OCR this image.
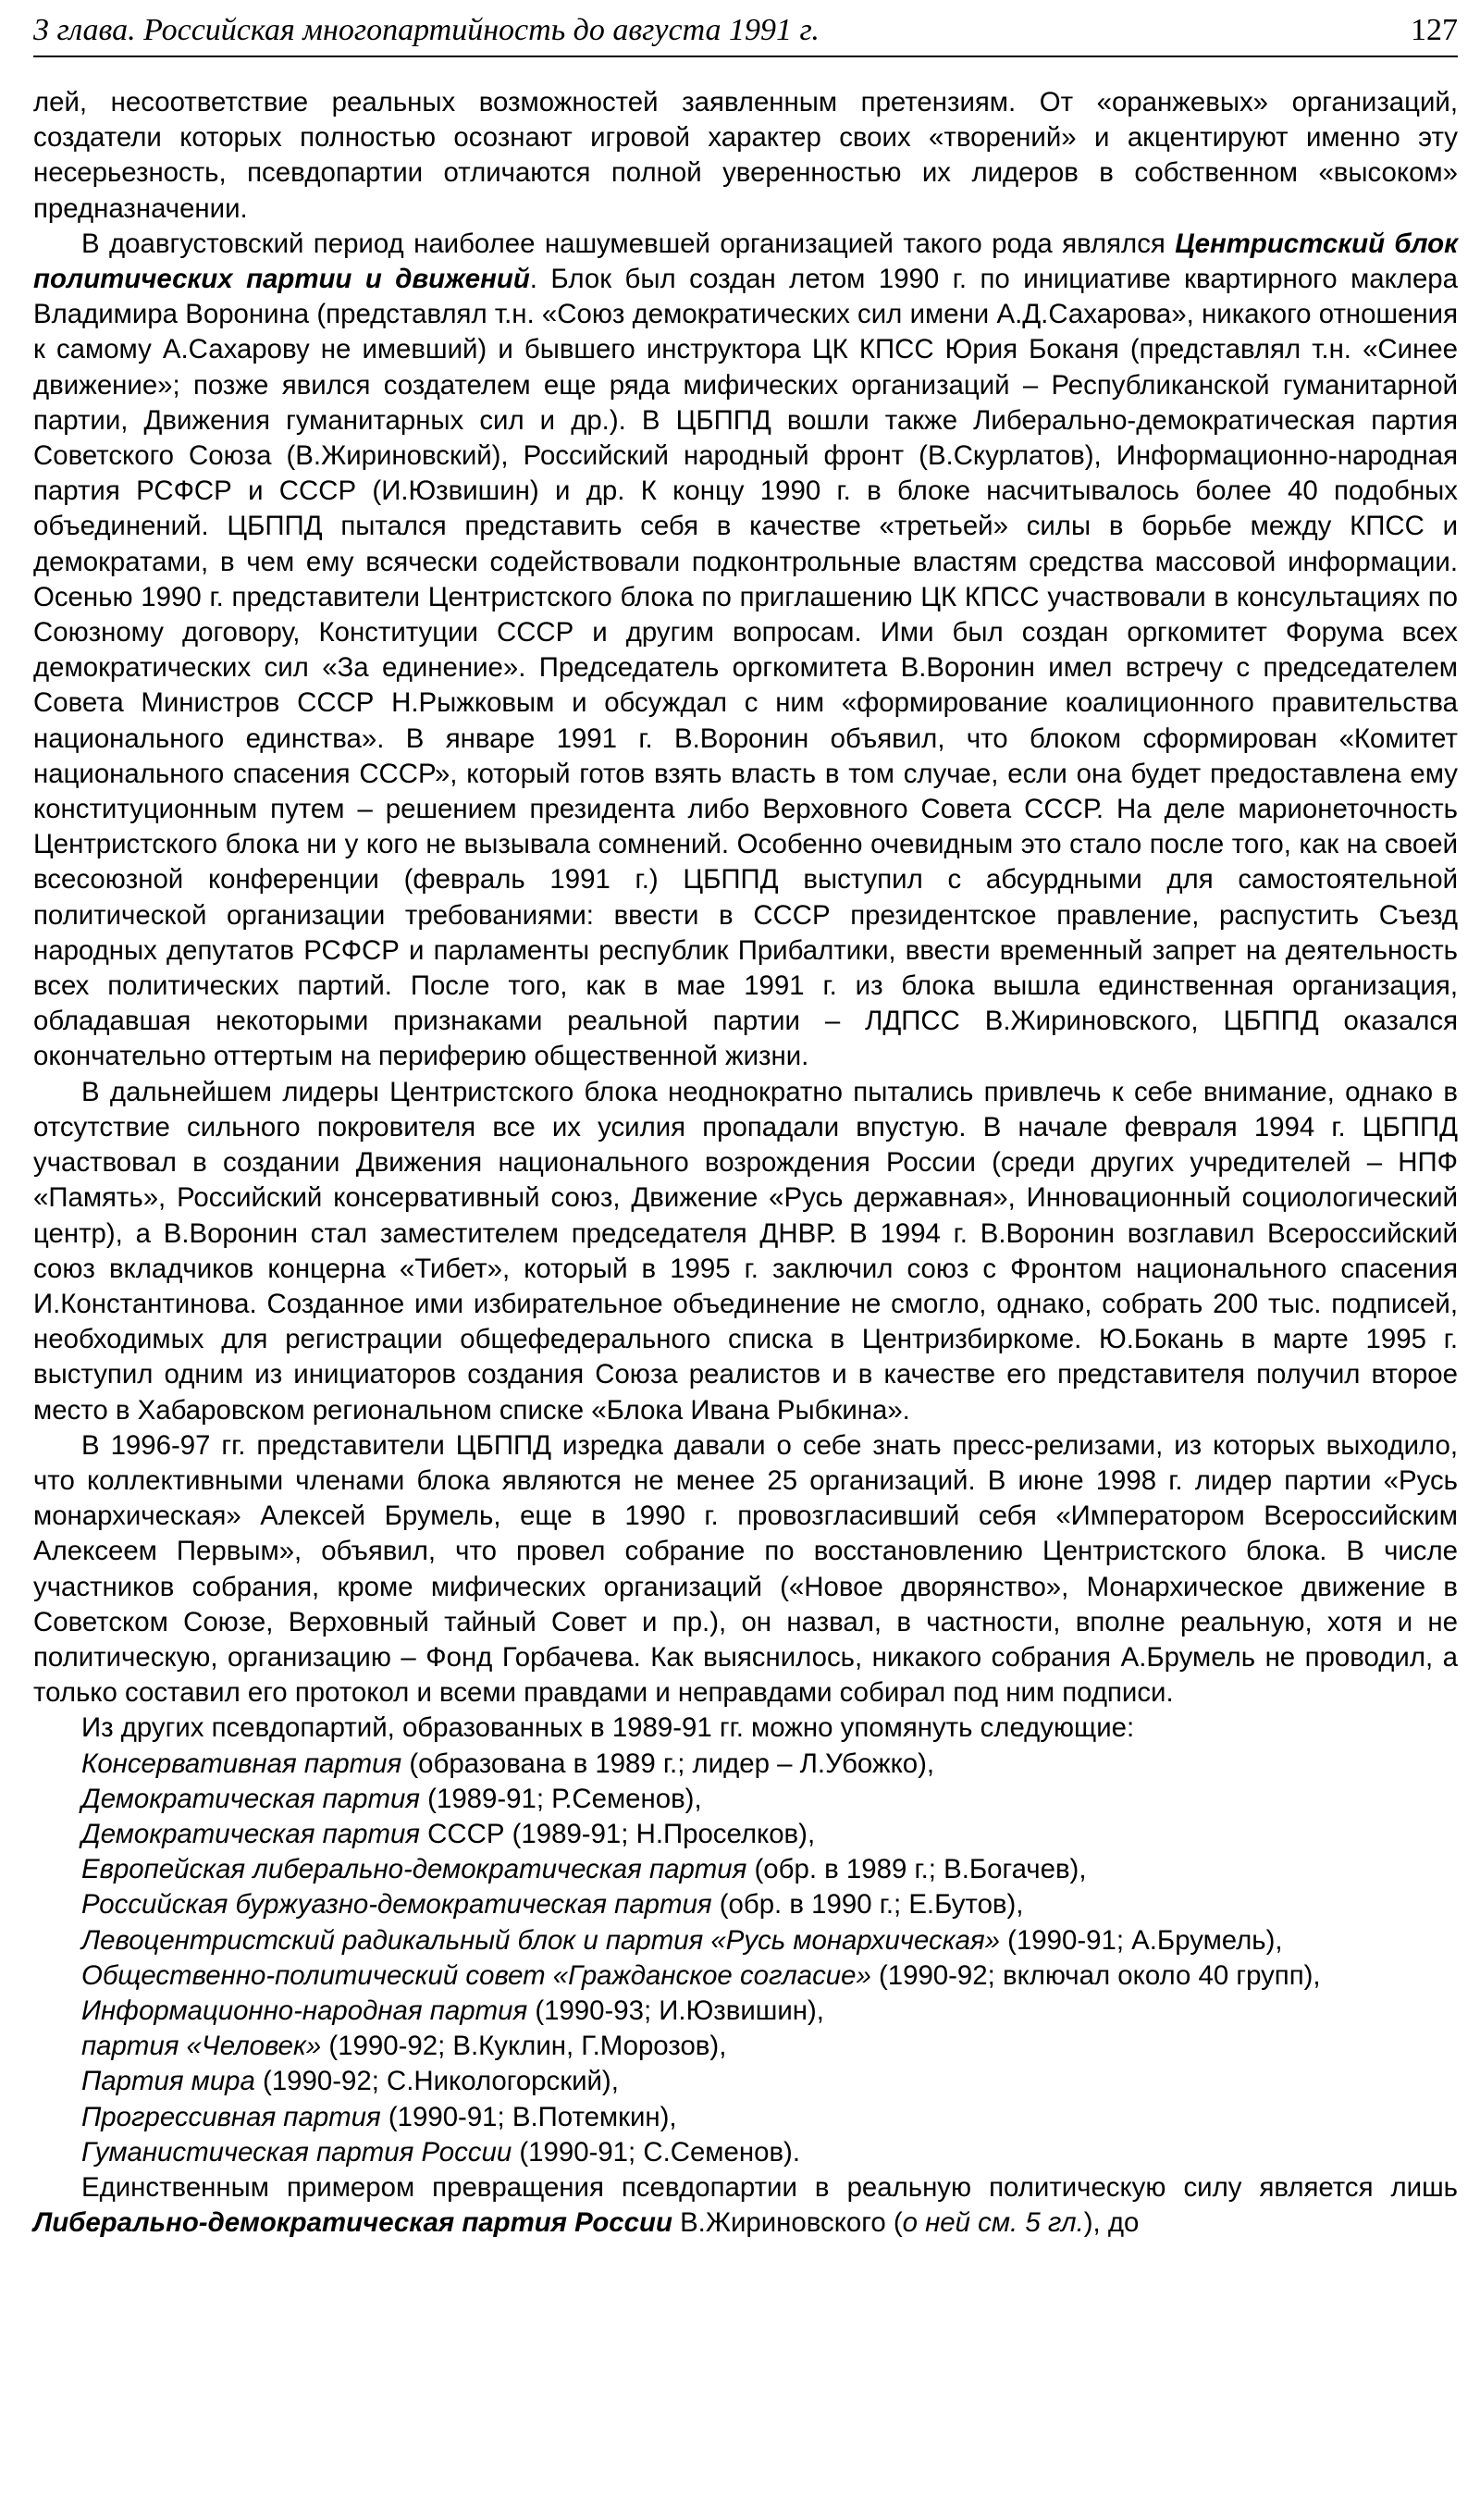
3 глава. Российская многопартийность до августа 1991 г.	127

лей, несоответствие реальных возможностей заявленным претензиям. От «оранжевых» организаций, создатели которых полностью осознают игровой характер своих «творений» и акцентируют именно эту несерьезность, псевдопартии отличаются полной уверенностью их лидеров в собственном «высоком» предназначении.

В доавгустовский период наиболее нашумевшей организацией такого рода являлся Центристский блок политических партии и движений. Блок был создан летом 1990 г. по инициативе квартирного маклера Владимира Воронина (представлял т.н. «Союз демократических сил имени А.Д.Сахарова», никакого отношения к самому А.Сахарову не имевший) и бывшего инструктора ЦК КПСС Юрия Боканя (представлял т.н. «Синее движение»; позже явился создателем еще ряда мифических организаций – Республиканской гуманитарной партии, Движения гуманитарных сил и др.). В ЦБППД вошли также Либерально-демократическая партия Советского Союза (В.Жириновский), Российский народный фронт (В.Скурлатов), Информационно-народная партия РСФСР и СССР (И.Юзвишин) и др. К концу 1990 г. в блоке насчитывалось более 40 подобных объединений. ЦБППД пытался представить себя в качестве «третьей» силы в борьбе между КПСС и демократами, в чем ему всячески содействовали подконтрольные властям средства массовой информации. Осенью 1990 г. представители Центристского блока по приглашению ЦК КПСС участвовали в консультациях по Союзному договору, Конституции СССР и другим вопросам. Ими был создан оргкомитет Форума всех демократических сил «За единение». Председатель оргкомитета В.Воронин имел встречу с председателем Совета Министров СССР Н.Рыжковым и обсуждал с ним «формирование коалиционного правительства национального единства». В январе 1991 г. В.Воронин объявил, что блоком сформирован «Комитет национального спасения СССР», который готов взять власть в том случае, если она будет предоставлена ему конституционным путем – решением президента либо Верховного Совета СССР. На деле марионеточность Центристского блока ни у кого не вызывала сомнений. Особенно очевидным это стало после того, как на своей всесоюзной конференции (февраль 1991 г.) ЦБППД выступил с абсурдными для самостоятельной политической организации требованиями: ввести в СССР президентское правление, распустить Съезд народных депутатов РСФСР и парламенты республик Прибалтики, ввести временный запрет на деятельность всех политических партий. После того, как в мае 1991 г. из блока вышла единственная организация, обладавшая некоторыми признаками реальной партии – ЛДПСС В.Жириновского, ЦБППД оказался окончательно оттертым на периферию общественной жизни.

В дальнейшем лидеры Центристского блока неоднократно пытались привлечь к себе внимание, однако в отсутствие сильного покровителя все их усилия пропадали впустую. В начале февраля 1994 г. ЦБППД участвовал в создании Движения национального возрождения России (среди других учредителей – НПФ «Память», Российский консервативный союз, Движение «Русь державная», Инновационный социологический центр), а В.Воронин стал заместителем председателя ДНВР. В 1994 г. В.Воронин возглавил Всероссийский союз вкладчиков концерна «Тибет», который в 1995 г. заключил союз с Фронтом национального спасения И.Константинова. Созданное ими избирательное объединение не смогло, однако, собрать 200 тыс. подписей, необходимых для регистрации общефедерального списка в Центризбиркоме. Ю.Бокань в марте 1995 г. выступил одним из инициаторов создания Союза реалистов и в качестве его представителя получил второе место в Хабаровском региональном списке «Блока Ивана Рыбкина».

В 1996-97 гг. представители ЦБППД изредка давали о себе знать пресс-релизами, из которых выходило, что коллективными членами блока являются не менее 25 организаций. В июне 1998 г. лидер партии «Русь монархическая» Алексей Брумель, еще в 1990 г. провозгласивший себя «Императором Всероссийским Алексеем Первым», объявил, что провел собрание по восстановлению Центристского блока. В числе участников собрания, кроме мифических организаций («Новое дворянство», Монархическое движение в Советском Союзе, Верховный тайный Совет и пр.), он назвал, в частности, вполне реальную, хотя и не политическую, организацию – Фонд Горбачева. Как выяснилось, никакого собрания А.Брумель не проводил, а только составил его протокол и всеми правдами и неправдами собирал под ним подписи.

Из других псевдопартий, образованных в 1989-91 гг. можно упомянуть следующие:

Консервативная партия (образована в 1989 г.; лидер – Л.Убожко),

Демократическая партия (1989-91; Р.Семенов),

Демократическая партия СССР (1989-91; Н.Проселков),

Европейская либерально-демократическая партия (обр. в 1989 г.; В.Богачев),

Российская буржуазно-демократическая партия (обр. в 1990 г.; Е.Бутов),

Левоцентристский радикальный блок и партия «Русь монархическая» (1990-91; А.Брумель),

Общественно-политический совет «Гражданское согласие» (1990-92; включал около 40 групп),

Информационно-народная партия (1990-93; И.Юзвишин),

партия «Человек» (1990-92; В.Куклин, Г.Морозов),

Партия мира (1990-92; С.Никологорский),

Прогрессивная партия (1990-91; В.Потемкин),

Гуманистическая партия России (1990-91; С.Семенов).

Единственным примером превращения псевдопартии в реальную политическую силу является лишь Либерально-демократическая партия России В.Жириновского (о ней см. 5 гл.), до
